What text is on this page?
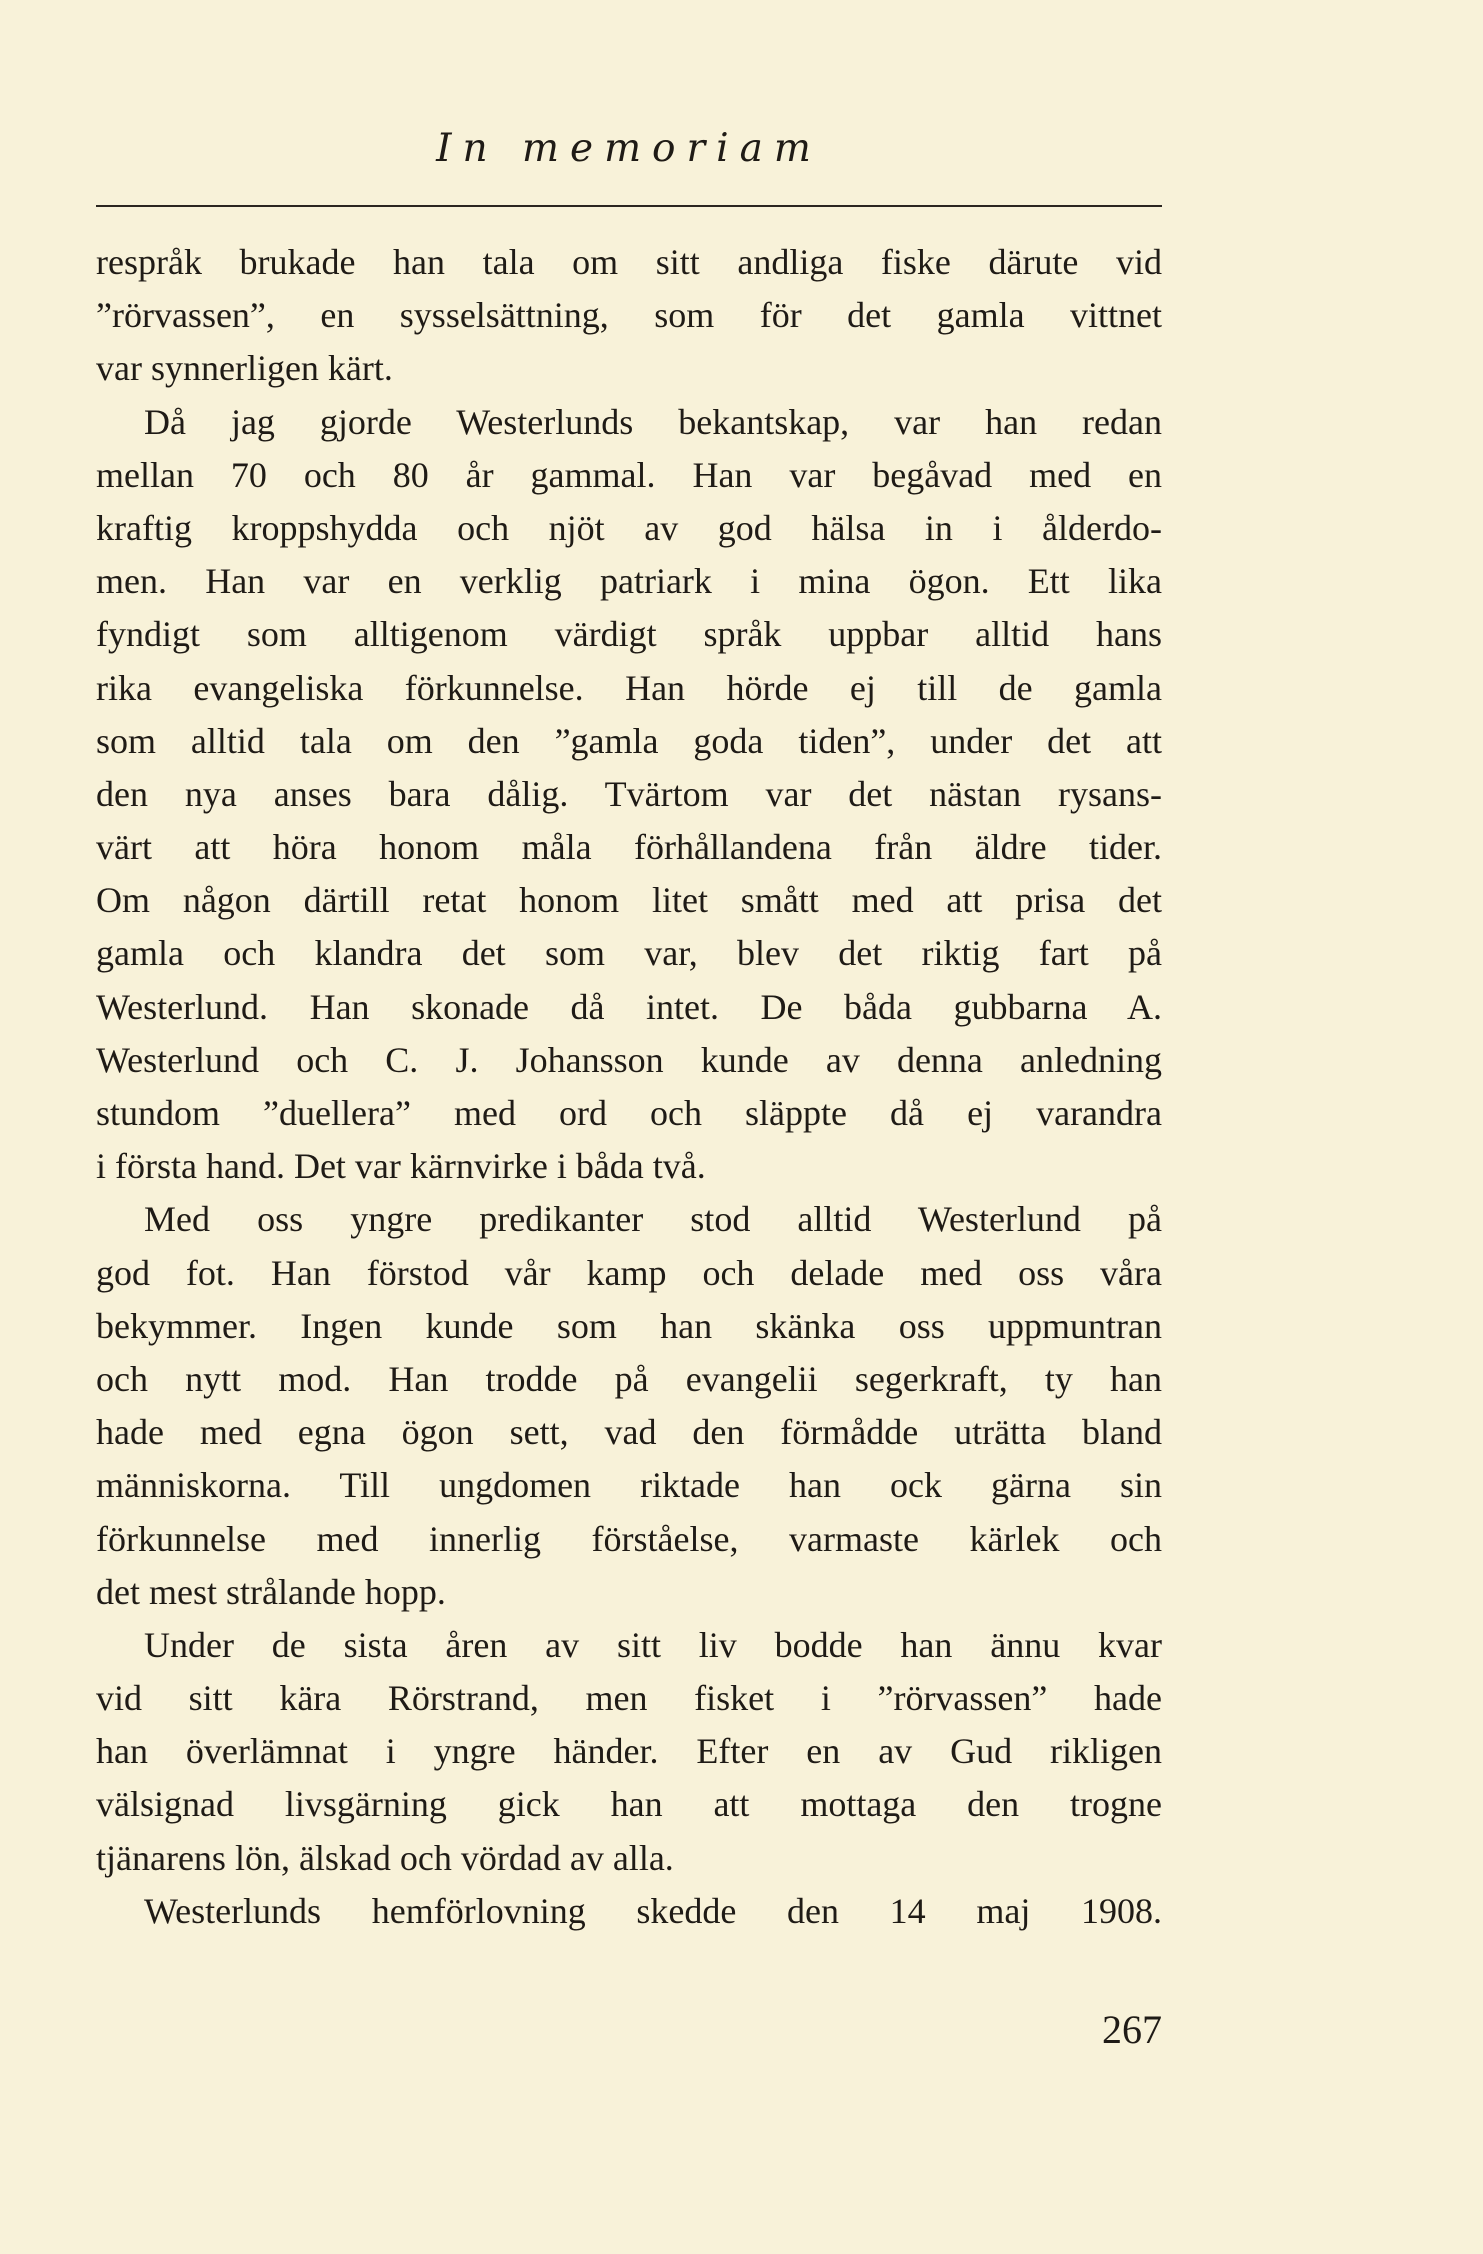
In memoriam
respråk brukade han tala om sitt andliga fiske därute vid
”rörvassen”, en sysselsättning, som för det gamla vittnet
var synnerligen kärt.
Då jag gjorde Westerlunds bekantskap, var han redan
mellan 70 och 80 år gammal. Han var begåvad med en
kraftig kroppshydda och njöt av god hälsa in i ålderdo-
men. Han var en verklig patriark i mina ögon. Ett lika
fyndigt som alltigenom värdigt språk uppbar alltid hans
rika evangeliska förkunnelse. Han hörde ej till de gamla
som alltid tala om den ”gamla goda tiden”, under det att
den nya anses bara dålig. Tvärtom var det nästan rysans-
värt att höra honom måla förhållandena från äldre tider.
Om någon därtill retat honom litet smått med att prisa det
gamla och klandra det som var, blev det riktig fart på
Westerlund. Han skonade då intet. De båda gubbarna A.
Westerlund och C. J. Johansson kunde av denna anledning
stundom ”duellera” med ord och släppte då ej varandra
i första hand. Det var kärnvirke i båda två.
Med oss yngre predikanter stod alltid Westerlund på
god fot. Han förstod vår kamp och delade med oss våra
bekymmer. Ingen kunde som han skänka oss uppmuntran
och nytt mod. Han trodde på evangelii segerkraft, ty han
hade med egna ögon sett, vad den förmådde uträtta bland
människorna. Till ungdomen riktade han ock gärna sin
förkunnelse med innerlig förståelse, varmaste kärlek och
det mest strålande hopp.
Under de sista åren av sitt liv bodde han ännu kvar
vid sitt kära Rörstrand, men fisket i ”rörvassen” hade
han överlämnat i yngre händer. Efter en av Gud rikligen
välsignad livsgärning gick han att mottaga den trogne
tjänarens lön, älskad och vördad av alla.
Westerlunds hemförlovning skedde den 14 maj 1908.
267
